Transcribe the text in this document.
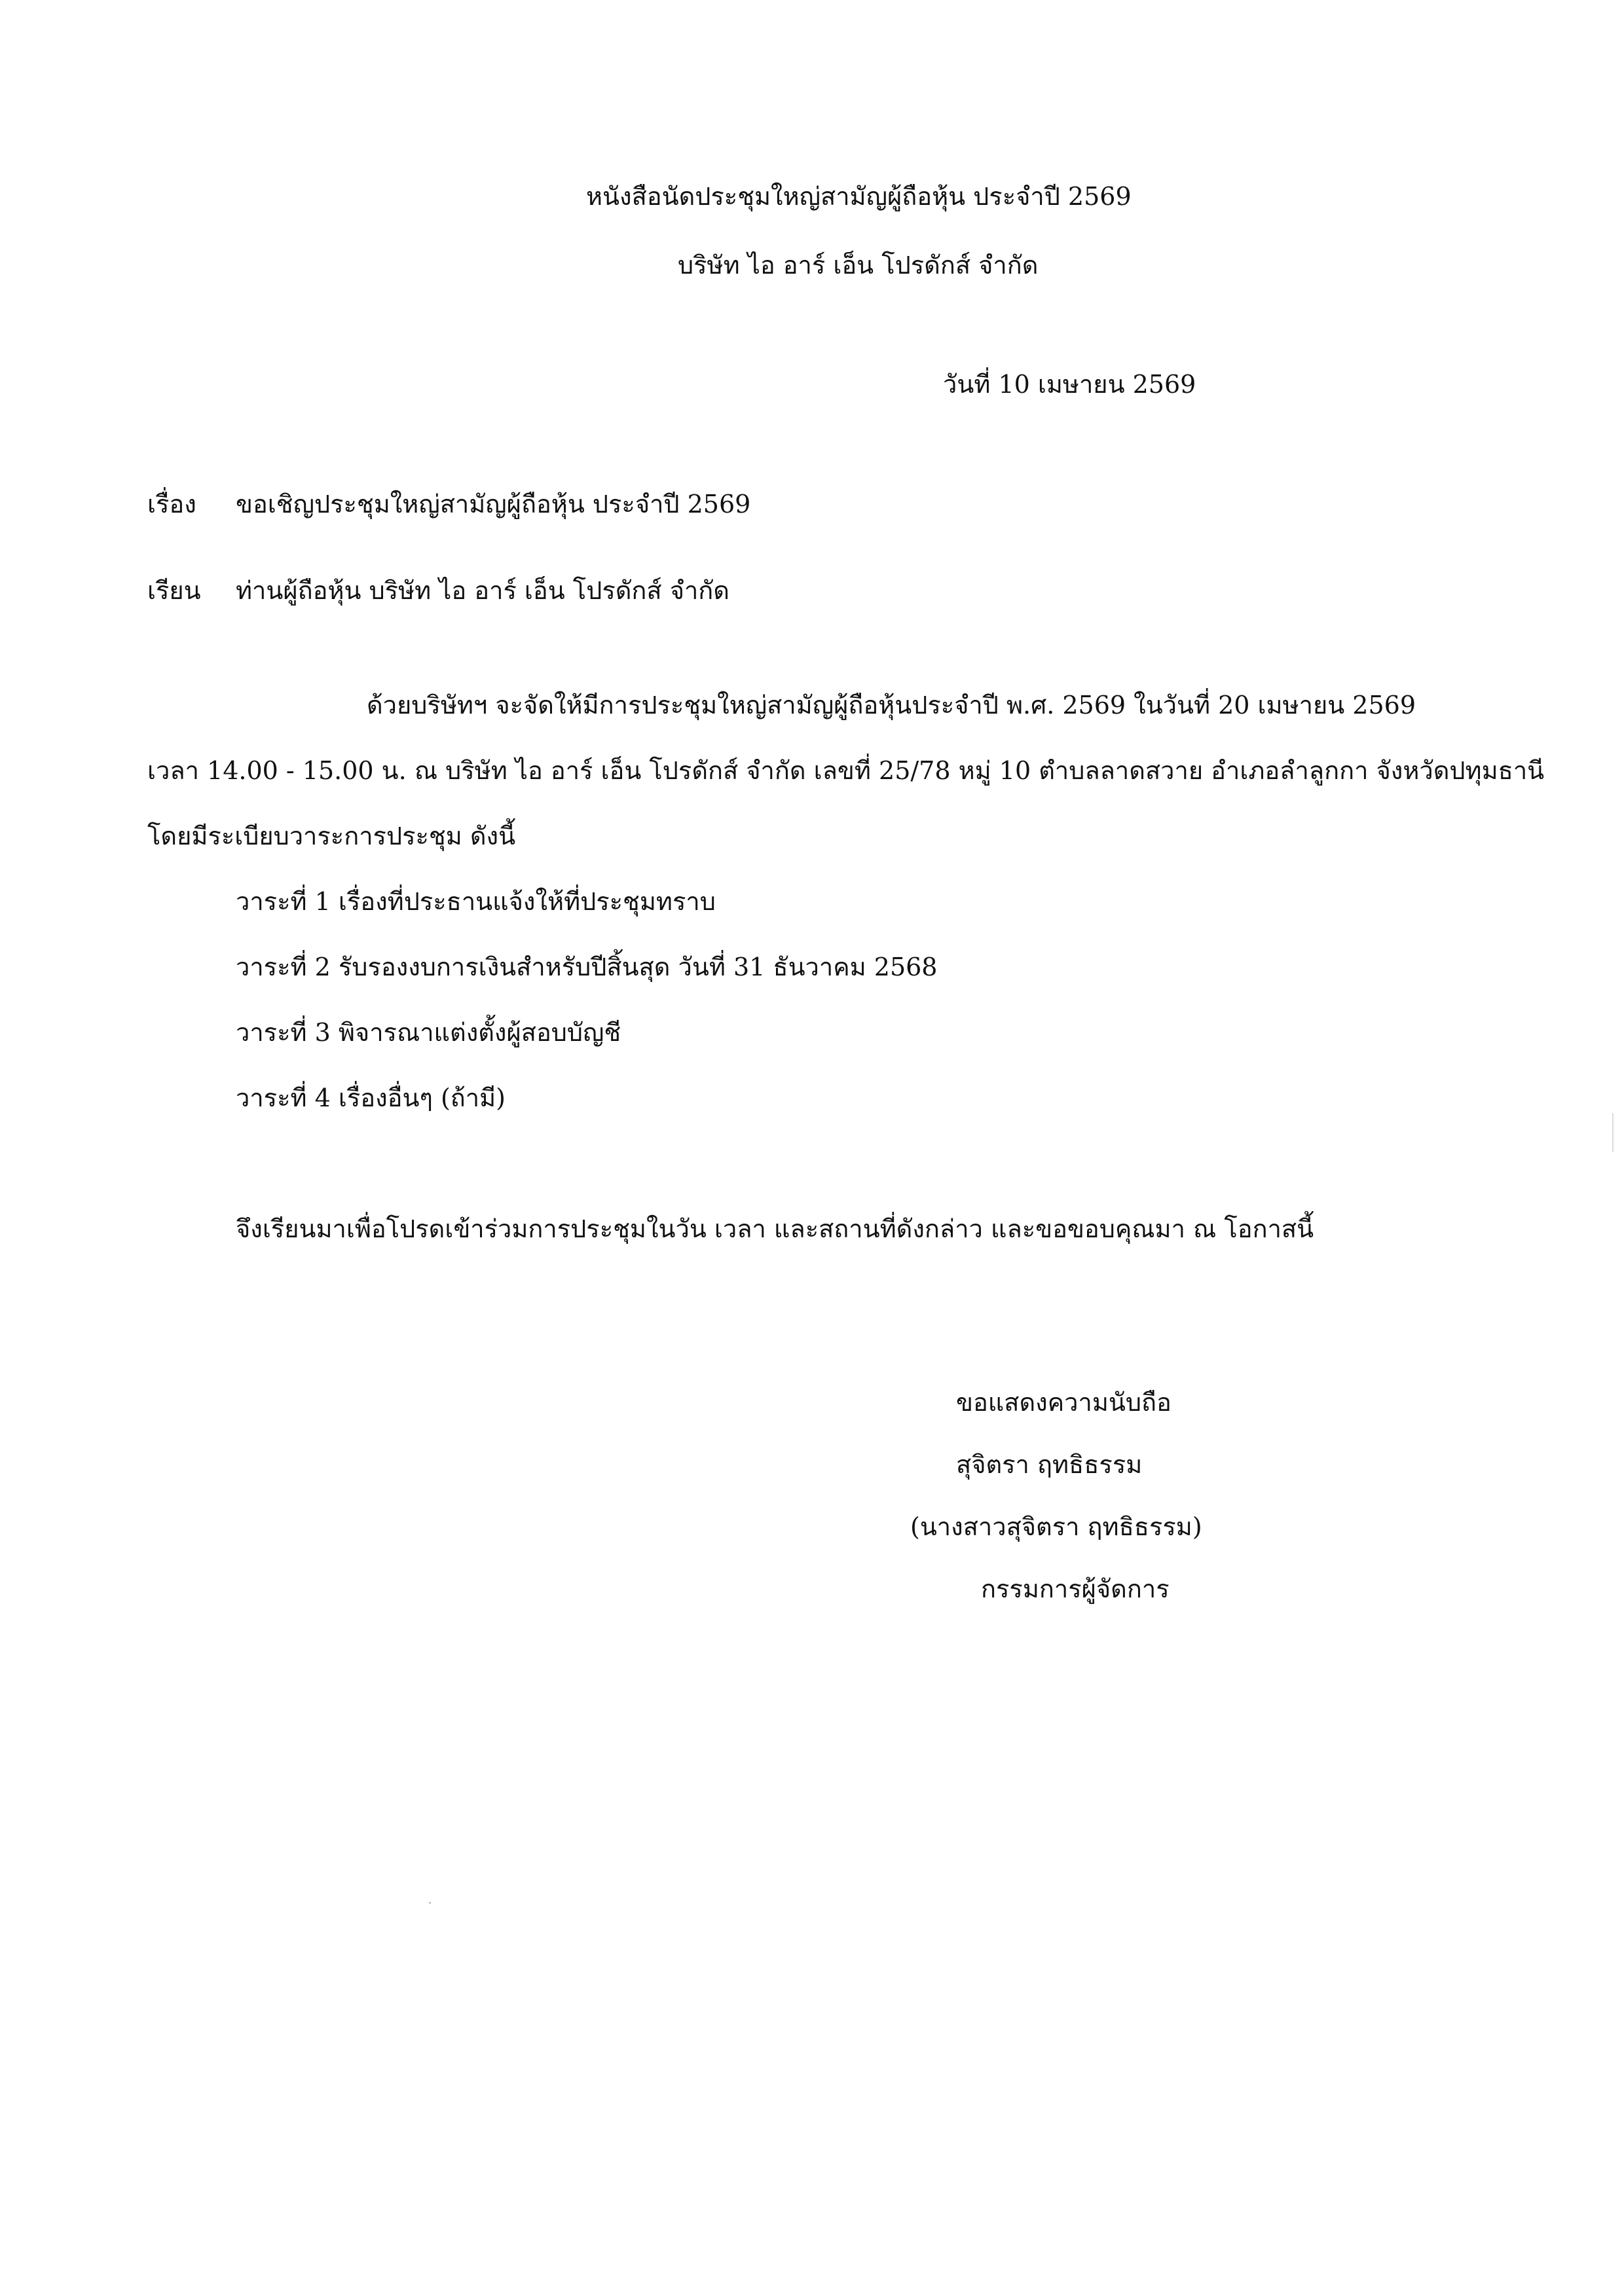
หนังสือนัดประชุมใหญ่สามัญผู้ถือหุ้น ประจำปี 2569
บริษัท ไอ อาร์ เอ็น โปรดักส์ จำกัด
วันที่ 10 เมษายน 2569
เรื่อง ขอเชิญประชุมใหญ่สามัญผู้ถือหุ้น ประจำปี 2569
เรียน ท่านผู้ถือหุ้น บริษัท ไอ อาร์ เอ็น โปรดักส์ จำกัด
ด้วยบริษัทฯ จะจัดให้มีการประชุมใหญ่สามัญผู้ถือหุ้นประจำปี พ.ศ. 2569 ในวันที่ 20 เมษายน 2569
เวลา 14.00 - 15.00 น. ณ บริษัท ไอ อาร์ เอ็น โปรดักส์ จำกัด เลขที่ 25/78 หมู่ 10 ตำบลลาดสวาย อำเภอลำลูกกา จังหวัดปทุมธานี
โดยมีระเบียบวาระการประชุม ดังนี้
วาระที่ 1 เรื่องที่ประธานแจ้งให้ที่ประชุมทราบ
วาระที่ 2 รับรองงบการเงินสำหรับปีสิ้นสุด วันที่ 31 ธันวาคม 2568
วาระที่ 3 พิจารณาแต่งตั้งผู้สอบบัญชี
วาระที่ 4 เรื่องอื่นๆ (ถ้ามี)
จึงเรียนมาเพื่อโปรดเข้าร่วมการประชุมในวัน เวลา และสถานที่ดังกล่าว และขอขอบคุณมา ณ โอกาสนี้
ขอแสดงความนับถือ
สุจิตรา ฤทธิธรรม
(นางสาวสุจิตรา ฤทธิธรรม)
กรรมการผู้จัดการ
